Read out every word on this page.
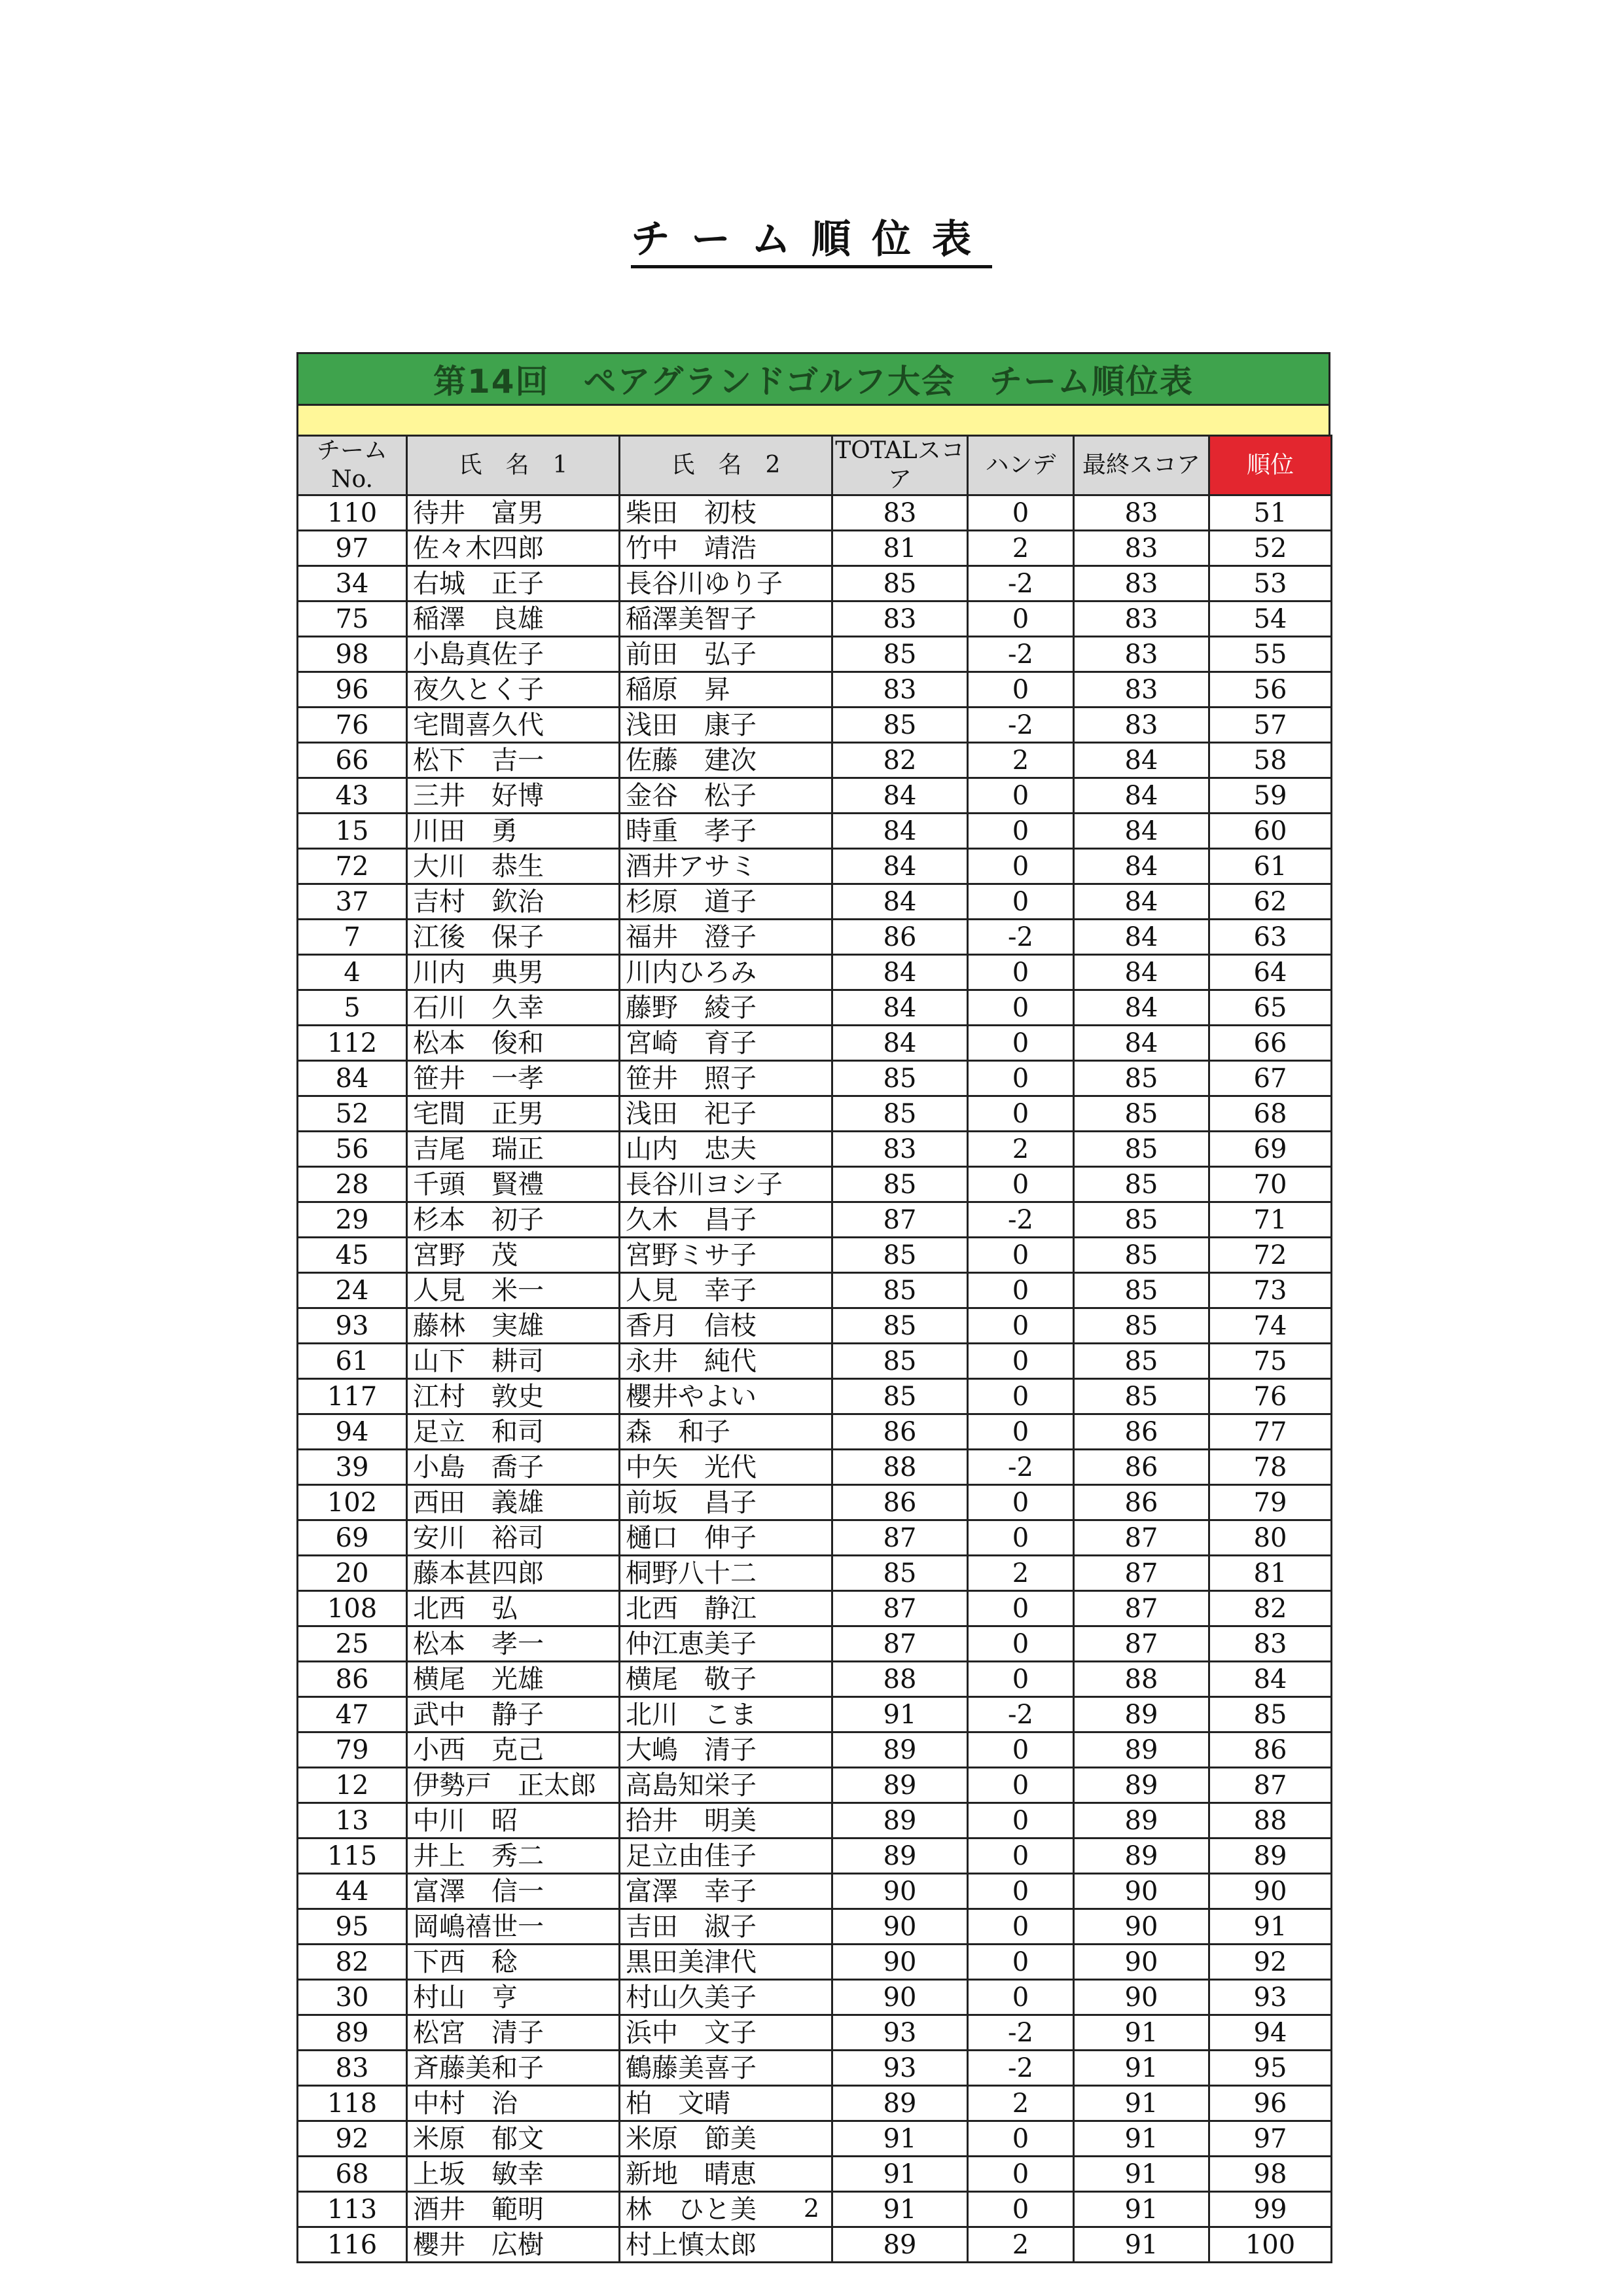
チーム順位表
第14回　ペアグランドゴルフ大会　チーム順位表
チームNo.	氏　名　1	氏　名　2	TOTALスコア	ハンデ	最終スコア	順位
110	待井　富男	柴田　初枝	83	0	83	51
97	佐々木四郎	竹中　靖浩	81	2	83	52
34	右城　正子	長谷川ゆり子	85	-2	83	53
75	稲澤　良雄	稲澤美智子	83	0	83	54
98	小島真佐子	前田　弘子	85	-2	83	55
96	夜久とく子	稲原　昇	83	0	83	56
76	宅間喜久代	浅田　康子	85	-2	83	57
66	松下　吉一	佐藤　建次	82	2	84	58
43	三井　好博	金谷　松子	84	0	84	59
15	川田　勇	時重　孝子	84	0	84	60
72	大川　恭生	酒井アサミ	84	0	84	61
37	吉村　欽治	杉原　道子	84	0	84	62
7	江後　保子	福井　澄子	86	-2	84	63
4	川内　典男	川内ひろみ	84	0	84	64
5	石川　久幸	藤野　綾子	84	0	84	65
112	松本　俊和	宮崎　育子	84	0	84	66
84	笹井　一孝	笹井　照子	85	0	85	67
52	宅間　正男	浅田　祀子	85	0	85	68
56	吉尾　瑞正	山内　忠夫	83	2	85	69
28	千頭　賢禮	長谷川ヨシ子	85	0	85	70
29	杉本　初子	久木　昌子	87	-2	85	71
45	宮野　茂	宮野ミサ子	85	0	85	72
24	人見　米一	人見　幸子	85	0	85	73
93	藤林　実雄	香月　信枝	85	0	85	74
61	山下　耕司	永井　純代	85	0	85	75
117	江村　敦史	櫻井やよい	85	0	85	76
94	足立　和司	森　和子	86	0	86	77
39	小島　喬子	中矢　光代	88	-2	86	78
102	西田　義雄	前坂　昌子	86	0	86	79
69	安川　裕司	樋口　伸子	87	0	87	80
20	藤本甚四郎	桐野八十二	85	2	87	81
108	北西　弘	北西　静江	87	0	87	82
25	松本　孝一	仲江恵美子	87	0	87	83
86	横尾　光雄	横尾　敬子	88	0	88	84
47	武中　静子	北川　こま	91	-2	89	85
79	小西　克己	大嶋　清子	89	0	89	86
12	伊勢戸　正太郎	高島知栄子	89	0	89	87
13	中川　昭	拾井　明美	89	0	89	88
115	井上　秀二	足立由佳子	89	0	89	89
44	富澤　信一	富澤　幸子	90	0	90	90
95	岡嶋禧世一	吉田　淑子	90	0	90	91
82	下西　稔	黒田美津代	90	0	90	92
30	村山　亨	村山久美子	90	0	90	93
89	松宮　清子	浜中　文子	93	-2	91	94
83	斉藤美和子	鶴藤美喜子	93	-2	91	95
118	中村　治	柏　文晴	89	2	91	96
92	米原　郁文	米原　節美	91	0	91	97
68	上坂　敏幸	新地　晴恵	91	0	91	98
113	酒井　範明	林　ひと美	91	0	91	99
116	櫻井　広樹	村上慎太郎	89	2	91	100
2
